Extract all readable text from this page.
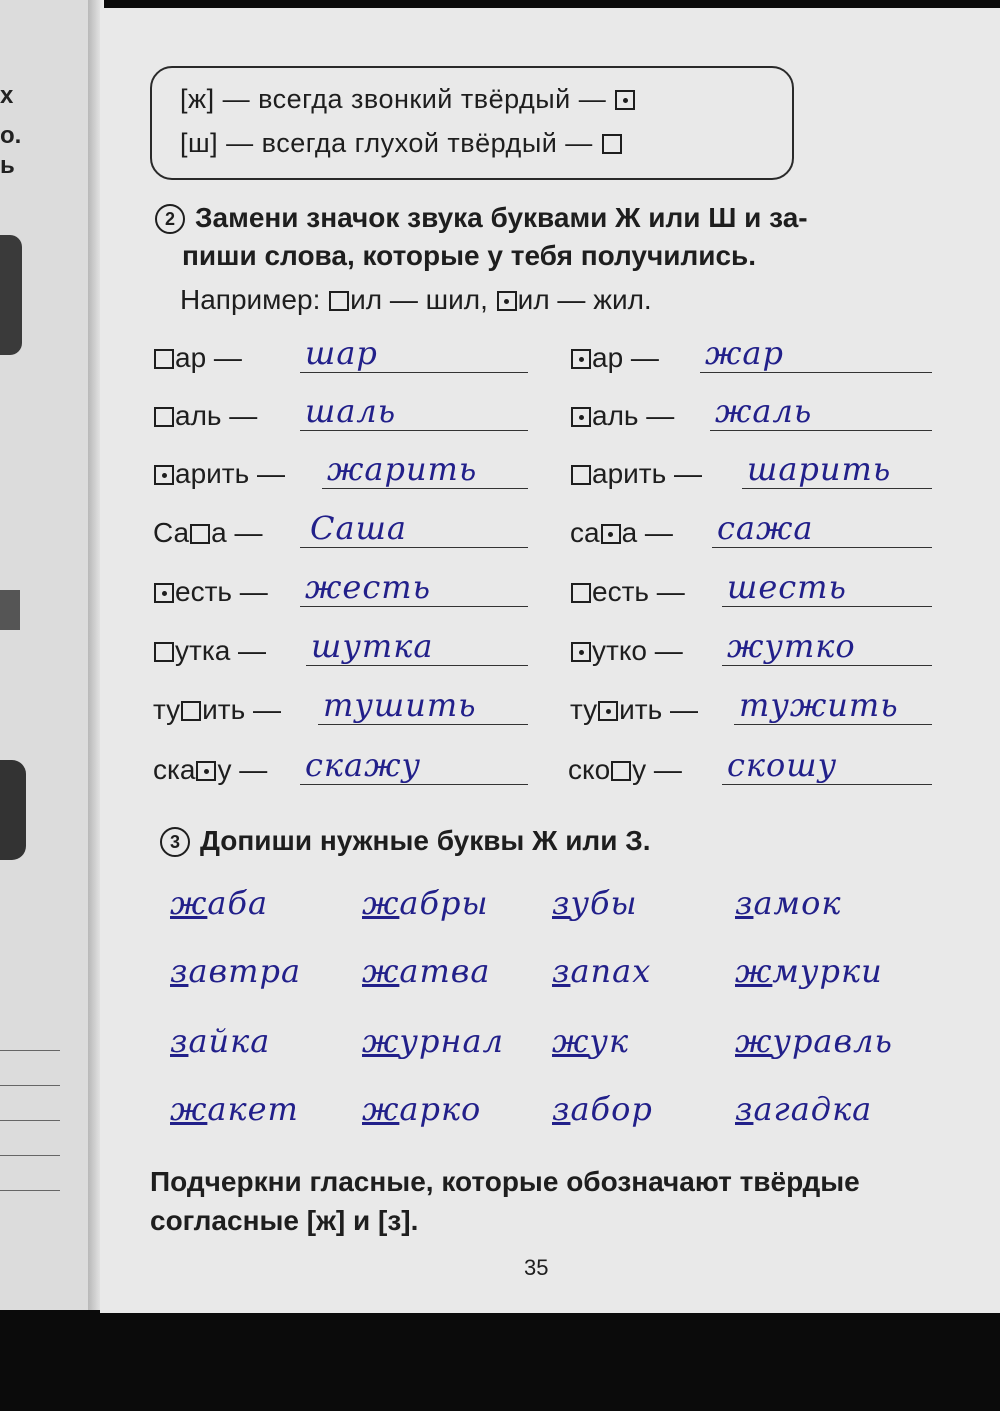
х
о.
ь
[ж] — всегда звонкий твёрдый —
[ш] — всегда глухой твёрдый —
2 Замени значок звука буквами Ж или Ш и за-
пиши слова, которые у тебя получились.
Например: ил — шил, ил — жил.
ар — шар	ар — жар
аль — шаль	аль — жаль
арить — жарить	арить — шарить
Са а — Саша	са а — сажа
есть — жесть	есть — шесть
утка — шутка	утко — жутко
ту ить — тушить	ту ить — тужить
ска у — скажу	ско у — скошу
3 Допиши нужные буквы Ж или З.
жаба	жабры зубы	замок
завтра жатва запах	жмурки
зайка	журнал жук	журавль
жакет жарко забор	загадка
Подчеркни гласные, которые обозначают твёрдые
согласные [ж] и [з].
35
